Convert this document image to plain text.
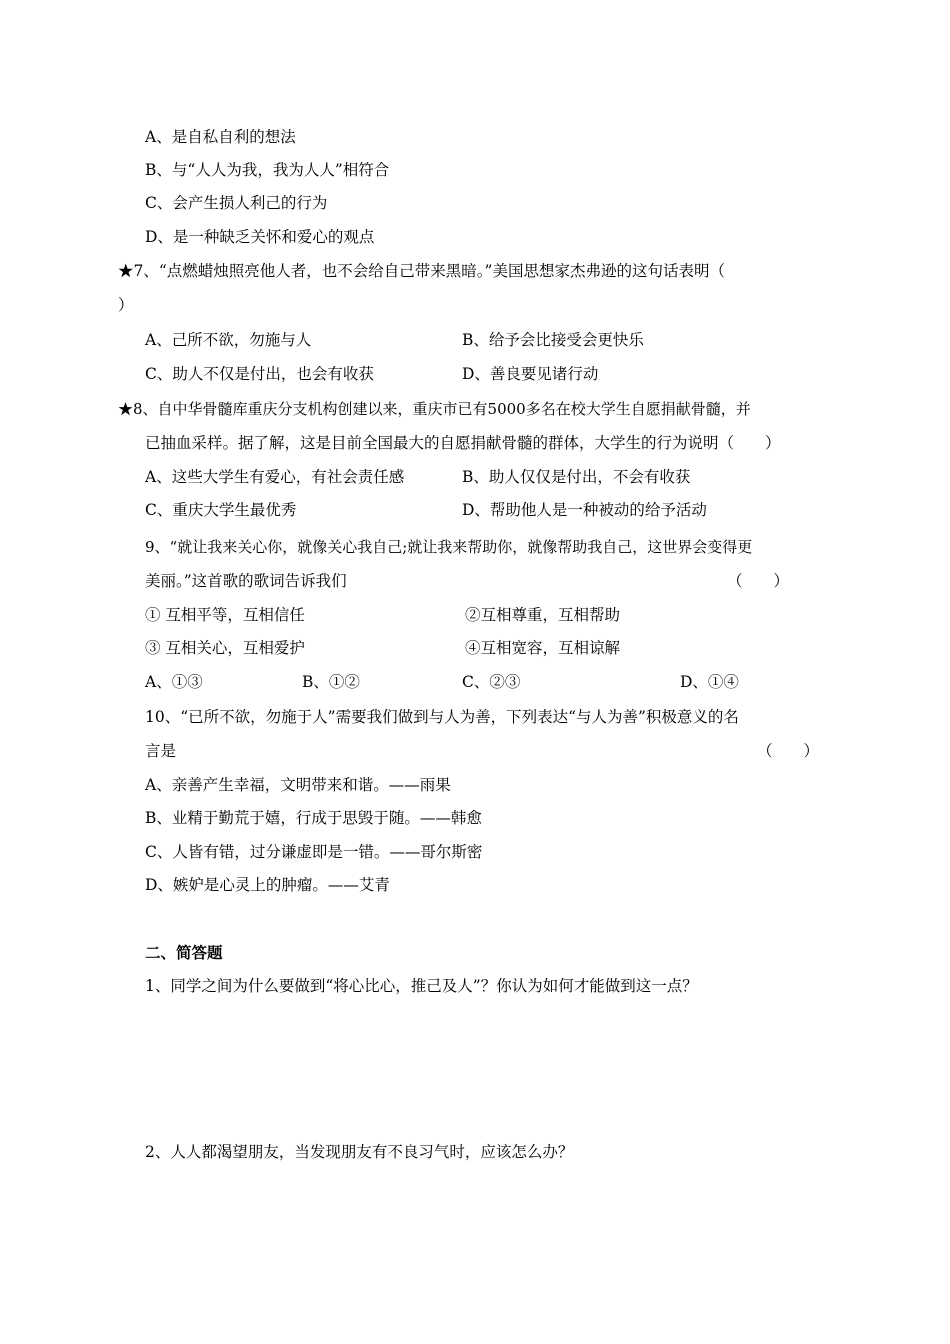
A、是自私自利的想法
B、与“人人为我，我为人人”相符合
C、会产生损人利己的行为
D、是一种缺乏关怀和爱心的观点
★7、“点燃蜡烛照亮他人者，也不会给自己带来黑暗。”美国思想家杰弗逊的这句话表明（
）
A、己所不欲，勿施与人	B、给予会比接受会更快乐
C、助人不仅是付出，也会有收获	D、善良要见诸行动
★8、自中华骨髓库重庆分支机构创建以来，重庆市已有5000多名在校大学生自愿捐献骨髓，并
已抽血采样。据了解，这是目前全国最大的自愿捐献骨髓的群体，大学生的行为说明（　　）
A、这些大学生有爱心，有社会责任感	B、助人仅仅是付出，不会有收获
C、重庆大学生最优秀	D、帮助他人是一种被动的给予活动
9、“就让我来关心你，就像关心我自己;就让我来帮助你，就像帮助我自己，这世界会变得更
美丽。”这首歌的歌词告诉我们	（　　）
① 互相平等，互相信任	②互相尊重，互相帮助
③ 互相关心，互相爱护	④互相宽容，互相谅解
A、①③	B、①②	C、②③	D、①④
10、“已所不欲，勿施于人”需要我们做到与人为善，下列表达“与人为善”积极意义的名
言是	（　　）
A、亲善产生幸福，文明带来和谐。——雨果
B、业精于勤荒于嬉，行成于思毁于随。——韩愈
C、人皆有错，过分谦虚即是一错。——哥尔斯密
D、嫉妒是心灵上的肿瘤。——艾青
二、简答题
1、同学之间为什么要做到“将心比心，推己及人”？你认为如何才能做到这一点？
2、人人都渴望朋友，当发现朋友有不良习气时，应该怎么办？
